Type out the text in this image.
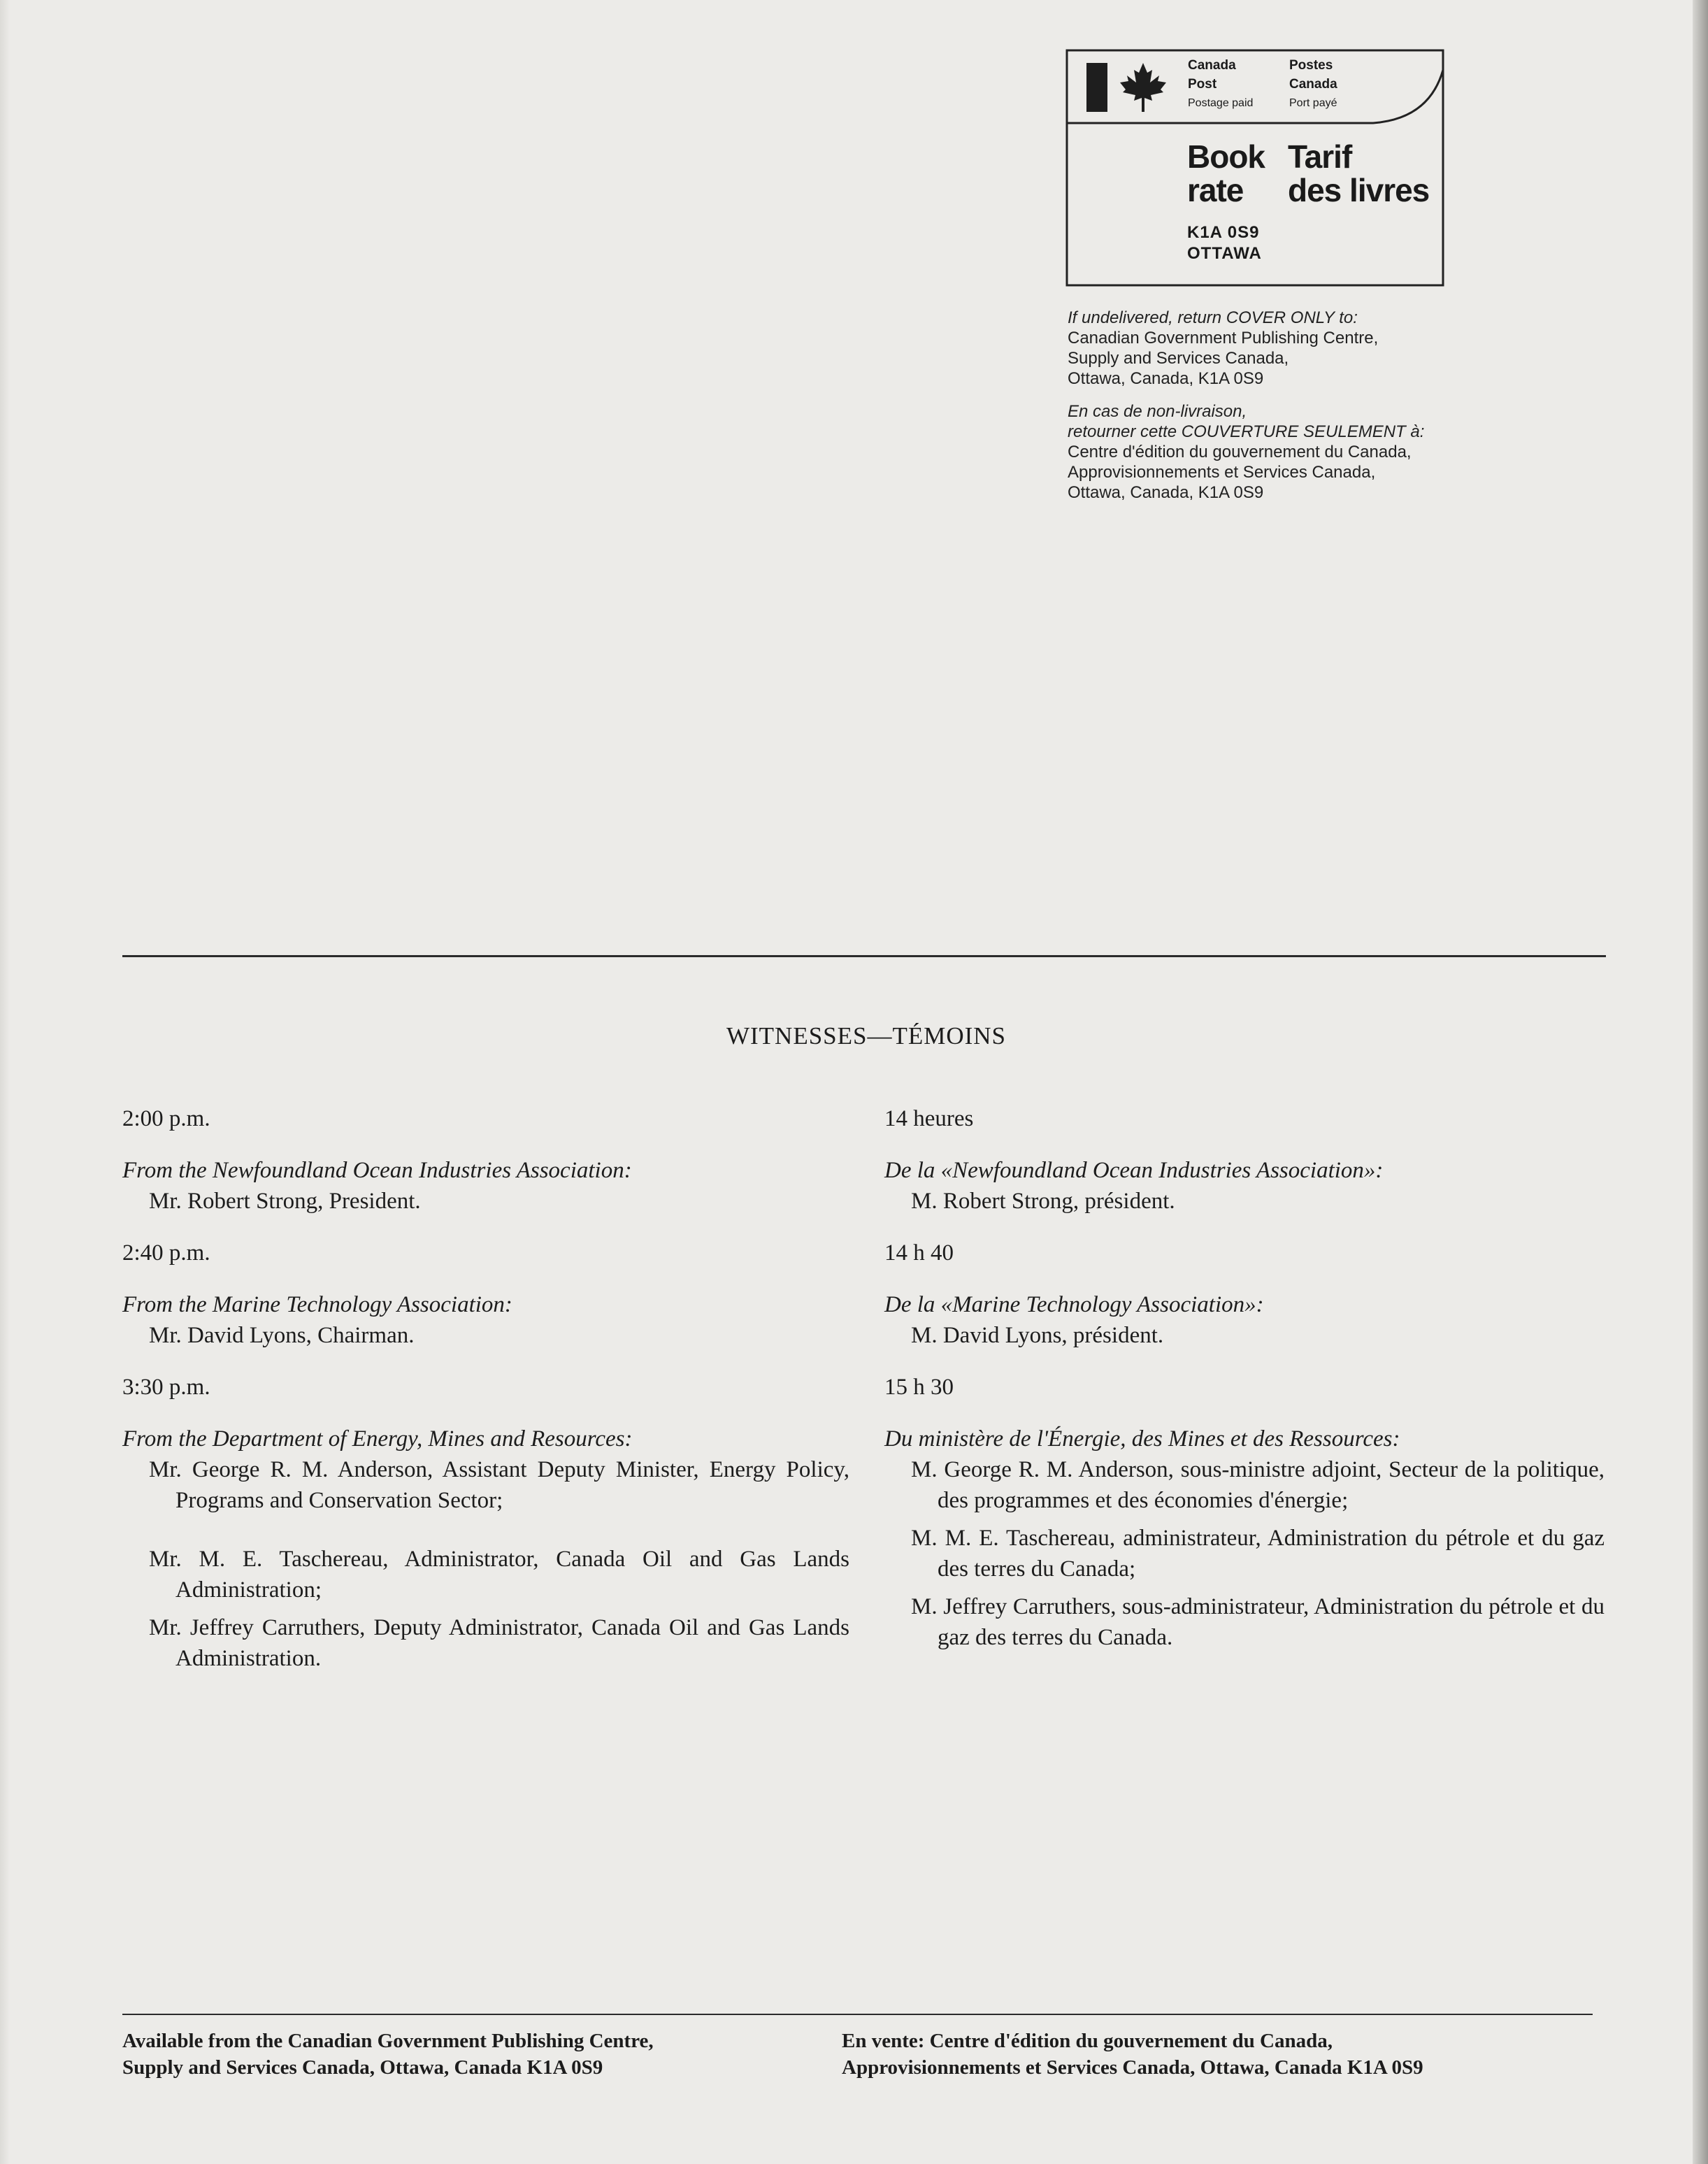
Canada
Post
Postage paid
Postes
Canada
Port payé
Book
rate
Tarif
des livres
K1A 0S9
OTTAWA
If undelivered, return COVER ONLY to:
Canadian Government Publishing Centre,
Supply and Services Canada,
Ottawa, Canada, K1A 0S9
En cas de non-livraison,
retourner cette COUVERTURE SEULEMENT à:
Centre d'édition du gouvernement du Canada,
Approvisionnements et Services Canada,
Ottawa, Canada, K1A 0S9
WITNESSES—TÉMOINS
2:00 p.m.
From the Newfoundland Ocean Industries Association:
Mr. Robert Strong, President.
2:40 p.m.
From the Marine Technology Association:
Mr. David Lyons, Chairman.
3:30 p.m.
From the Department of Energy, Mines and Resources:
Mr. George R. M. Anderson, Assistant Deputy Minister, Energy Policy, Programs and Conservation Sector;
Mr. M. E. Taschereau, Administrator, Canada Oil and Gas Lands Administration;
Mr. Jeffrey Carruthers, Deputy Administrator, Canada Oil and Gas Lands Administration.
14 heures
De la «Newfoundland Ocean Industries Association»:
M. Robert Strong, président.
14 h 40
De la «Marine Technology Association»:
M. David Lyons, président.
15 h 30
Du ministère de l'Énergie, des Mines et des Ressources:
M. George R. M. Anderson, sous-ministre adjoint, Secteur de la politique, des programmes et des économies d'énergie;
M. M. E. Taschereau, administrateur, Administration du pétrole et du gaz des terres du Canada;
M. Jeffrey Carruthers, sous-administrateur, Administration du pétrole et du gaz des terres du Canada.
Available from the Canadian Government Publishing Centre,
Supply and Services Canada, Ottawa, Canada K1A 0S9
En vente: Centre d'édition du gouvernement du Canada,
Approvisionnements et Services Canada, Ottawa, Canada K1A 0S9
